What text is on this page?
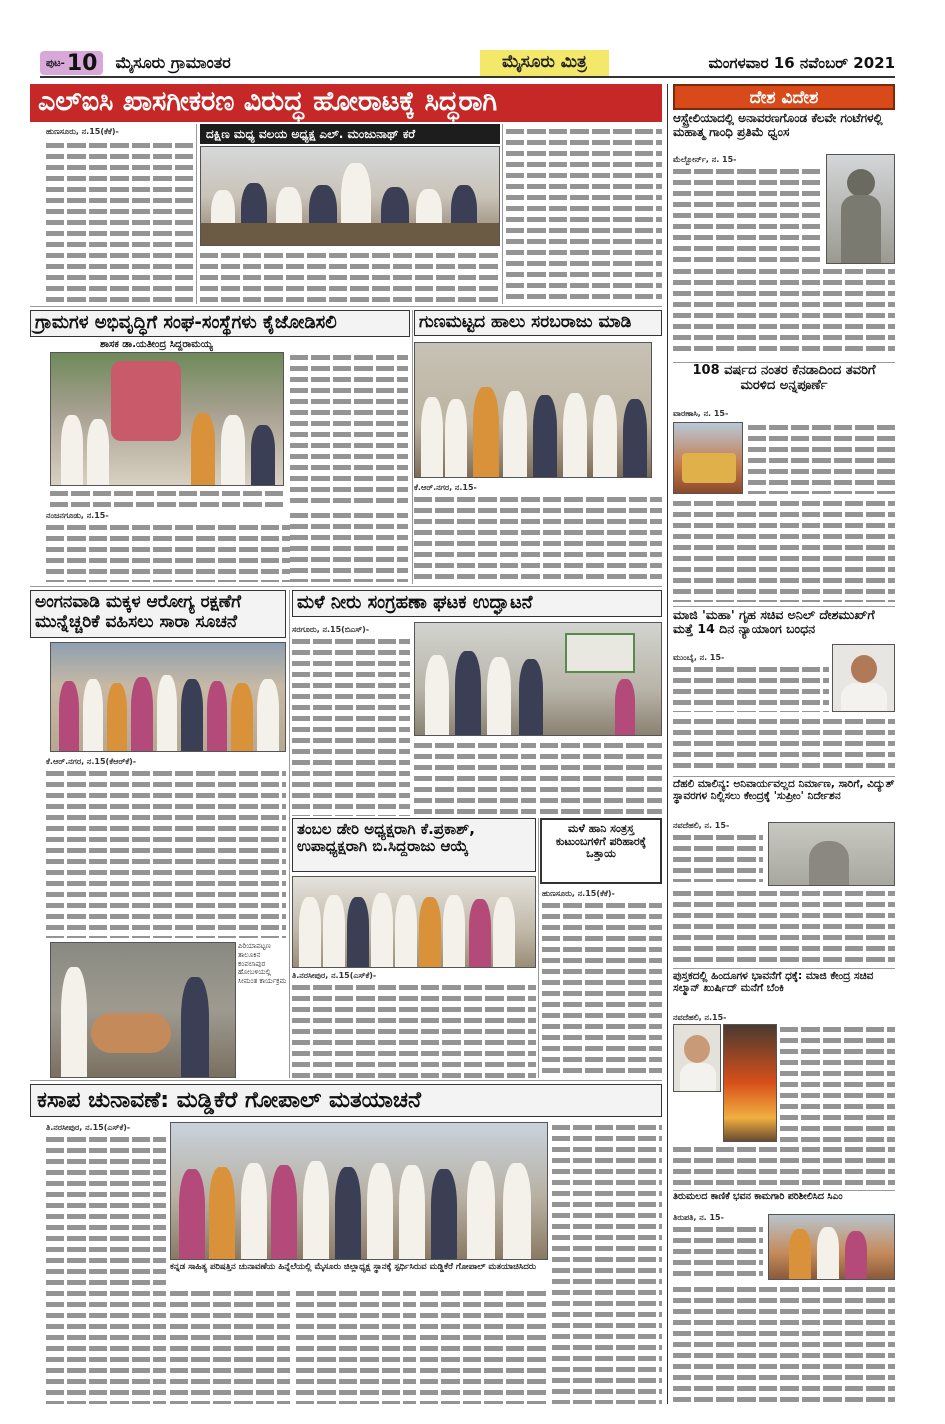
ಪುಟ- 10 ಮೈಸೂರು ಗ್ರಾಮಾಂತರ	ಮೈಸೂರು ಮಿತ್ರ	ಮಂಗಳವಾರ 16 ನವೆಂಬರ್ 2021
ಎಲ್ಐಸಿ ಖಾಸಗೀಕರಣ ವಿರುದ್ಧ ಹೋರಾಟಕ್ಕೆ ಸಿದ್ಧರಾಗಿ
ದಕ್ಷಿಣ ಮಧ್ಯ ವಲಯ ಅಧ್ಯಕ್ಷ ಎಲ್. ಮಂಜುನಾಥ್ ಕರೆ
ಹುಣಸೂರು, ನ.15(ಕೆಕೆ)-
ಗ್ರಾಮಗಳ ಅಭಿವೃದ್ಧಿಗೆ ಸಂಘ-ಸಂಸ್ಥೆಗಳು ಕೈಜೋಡಿಸಲಿ
ಶಾಸಕ ಡಾ.ಯತೀಂದ್ರ ಸಿದ್ದರಾಮಯ್ಯ
ನಂಜನಗೂಡು, ನ.15-
ಗುಣಮಟ್ಟದ ಹಾಲು ಸರಬರಾಜು ಮಾಡಿ
ಕೆ.ಆರ್.ನಗರ, ನ.15-
ಅಂಗನವಾಡಿ ಮಕ್ಕಳ ಆರೋಗ್ಯ ರಕ್ಷಣೆಗೆ ಮುನ್ನೆಚ್ಚರಿಕೆ ವಹಿಸಲು ಸಾರಾ ಸೂಚನೆ
ಕೆ.ಆರ್.ನಗರ, ನ.15(ಕೆಆರ್‌ಕೆ)-
ಮಳೆ ನೀರು ಸಂಗ್ರಹಣಾ ಘಟಕ ಉದ್ಘಾಟನೆ
ಸರಗೂರು, ನ.15(ಬಿಎಸ್)-
ತಂಬಲ ಡೇರಿ ಅಧ್ಯಕ್ಷರಾಗಿ ಕೆ.ಪ್ರಕಾಶ್, ಉಪಾಧ್ಯಕ್ಷರಾಗಿ ಬಿ.ಸಿದ್ದರಾಜು ಆಯ್ಕೆ
ತಿ.ನರಸೀಪುರ, ನ.15(ಎಸ್‌ಕೆ)-
ಮಳೆ ಹಾನಿ ಸಂತ್ರಸ್ತ ಕುಟುಂಬಗಳಿಗೆ ಪರಿಹಾರಕ್ಕೆ ಒತ್ತಾಯ
ಹುಣಸೂರು, ನ.15(ಕೆಕೆ)-
ಪಿರಿಯಾಪಟ್ಟಣ ತಾಲೂಕಿನ ಕಂಪಲಾಪುರ ಹೋಬಳಿಯಲ್ಲಿ ಸೀಮಂತ ಕಾರ್ಯಕ್ರಮ
ಕಸಾಪ ಚುನಾವಣೆ: ಮಡ್ಡಿಕೆರೆ ಗೋಪಾಲ್ ಮತಯಾಚನೆ
ತಿ.ನರಸೀಪುರ, ನ.15(ಎಸ್‌ಕೆ)-
ಕನ್ನಡ ಸಾಹಿತ್ಯ ಪರಿಷತ್ತಿನ ಚುನಾವಣೆಯ ಹಿನ್ನೆಲೆಯಲ್ಲಿ ಮೈಸೂರು ಜಿಲ್ಲಾಧ್ಯಕ್ಷ ಸ್ಥಾನಕ್ಕೆ ಸ್ಪರ್ಧಿಸಿರುವ ಮಡ್ಡಿಕೆರೆ ಗೋಪಾಲ್ ಮತಯಾಚಿಸಿದರು
ದೇಶ ವಿದೇಶ
ಆಸ್ಟ್ರೇಲಿಯಾದಲ್ಲಿ ಅನಾವರಣಗೊಂಡ ಕೆಲವೇ ಗಂಟೆಗಳಲ್ಲಿ ಮಹಾತ್ಮ ಗಾಂಧಿ ಪ್ರತಿಮೆ ಧ್ವಂಸ
ಮೆಲ್ಬೋರ್ನ್, ನ. 15-
108 ವರ್ಷದ ನಂತರ ಕೆನಡಾದಿಂದ ತವರಿಗೆ ಮರಳಿದ ಅನ್ನಪೂರ್ಣೆ
ವಾರಣಾಸಿ, ನ. 15-
ಮಾಜಿ 'ಮಹಾ' ಗೃಹ ಸಚಿವ ಅನಿಲ್ ದೇಶಮುಖ್‌ಗೆ ಮತ್ತೆ 14 ದಿನ ನ್ಯಾಯಾಂಗ ಬಂಧನ
ಮುಂಬೈ, ನ. 15-
ದೆಹಲಿ ಮಾಲಿನ್ಯ: ಅನಿವಾರ್ಯವಲ್ಲದ ನಿರ್ಮಾಣ, ಸಾರಿಗೆ, ವಿದ್ಯುತ್ ಸ್ಥಾವರಗಳ ನಿಲ್ಲಿಸಲು ಕೇಂದ್ರಕ್ಕೆ 'ಸುಪ್ರೀಂ' ನಿರ್ದೇಶನ
ನವದೆಹಲಿ, ನ. 15-
ಪುಸ್ತಕದಲ್ಲಿ ಹಿಂದೂಗಳ ಭಾವನೆಗೆ ಧಕ್ಕೆ: ಮಾಜಿ ಕೇಂದ್ರ ಸಚಿವ ಸಲ್ಮಾನ್ ಖುರ್ಷಿದ್ ಮನೆಗೆ ಬೆಂಕಿ
ನವದೆಹಲಿ, ನ.15-
ತಿರುಮಲದ ಕಾಣಿಕೆ ಭವನ ಕಾಮಗಾರಿ ಪರಿಶೀಲಿಸಿದ ಸಿಎಂ
ತಿರುಪತಿ, ನ. 15-
